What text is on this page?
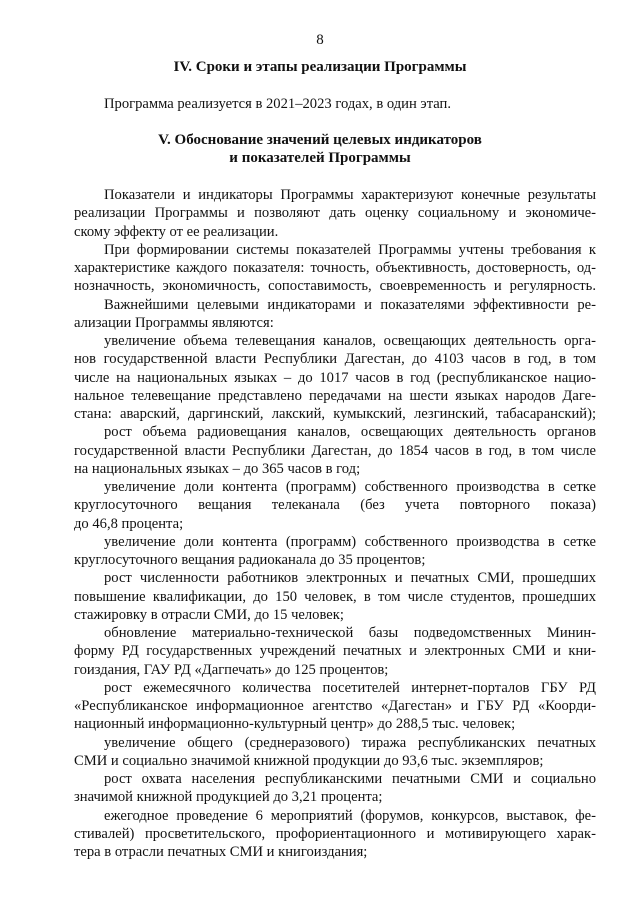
8
IV. Сроки и этапы реализации Программы
Программа реализуется в 2021–2023 годах, в один этап.
V. Обоснование значений целевых индикаторов
и показателей Программы
Показатели и индикаторы Программы характеризуют конечные результаты
реализации Программы и позволяют дать оценку социальному и экономиче-
скому эффекту от ее реализации.
При формировании системы показателей Программы учтены требования к
характеристике каждого показателя: точность, объективность, достоверность, од-
нозначность, экономичность, сопоставимость, своевременность и регулярность.
Важнейшими целевыми индикаторами и показателями эффективности ре-
ализации Программы являются:
увеличение объема телевещания каналов, освещающих деятельность орга-
нов государственной власти Республики Дагестан, до 4103 часов в год, в том
числе на национальных языках – до 1017 часов в год (республиканское нацио-
нальное телевещание представлено передачами на шести языках народов Даге-
стана: аварский, даргинский, лакский, кумыкский, лезгинский, табасаранский);
рост объема радиовещания каналов, освещающих деятельность органов
государственной власти Республики Дагестан, до 1854 часов в год, в том числе
на национальных языках – до 365 часов в год;
увеличение доли контента (программ) собственного производства в сетке
круглосуточного вещания телеканала (без учета повторного показа)
до 46,8 процента;
увеличение доли контента (программ) собственного производства в сетке
круглосуточного вещания радиоканала до 35 процентов;
рост численности работников электронных и печатных СМИ, прошедших
повышение квалификации, до 150 человек, в том числе студентов, прошедших
стажировку в отрасли СМИ, до 15 человек;
обновление материально-технической базы подведомственных Минин-
форму РД государственных учреждений печатных и электронных СМИ и кни-
гоиздания, ГАУ РД «Дагпечать» до 125 процентов;
рост ежемесячного количества посетителей интернет-порталов ГБУ РД
«Республиканское информационное агентство «Дагестан» и ГБУ РД «Коорди-
национный информационно-культурный центр» до 288,5 тыс. человек;
увеличение общего (среднеразового) тиража республиканских печатных
СМИ и социально значимой книжной продукции до 93,6 тыс. экземпляров;
рост охвата населения республиканскими печатными СМИ и социально
значимой книжной продукцией до 3,21 процента;
ежегодное проведение 6 мероприятий (форумов, конкурсов, выставок, фе-
стивалей) просветительского, профориентационного и мотивирующего харак-
тера в отрасли печатных СМИ и книгоиздания;
